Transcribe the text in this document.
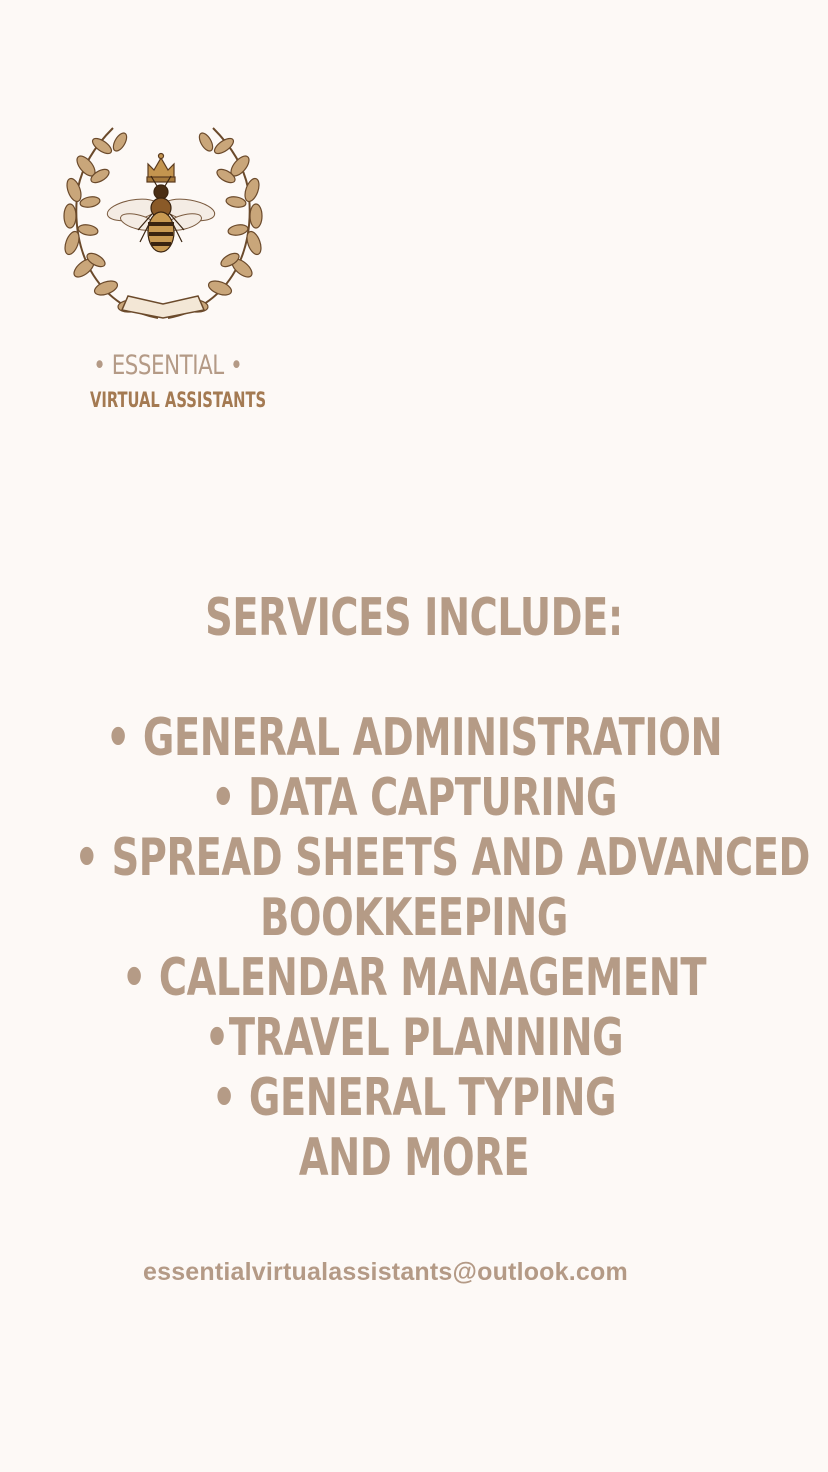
• ESSENTIAL •
VIRTUAL ASSISTANTS
SERVICES INCLUDE:
• GENERAL ADMINISTRATION
• DATA CAPTURING
• SPREAD SHEETS AND ADVANCED
BOOKKEEPING
• CALENDAR MANAGEMENT
•TRAVEL PLANNING
• GENERAL TYPING
AND MORE
essentialvirtualassistants@outlook.com
